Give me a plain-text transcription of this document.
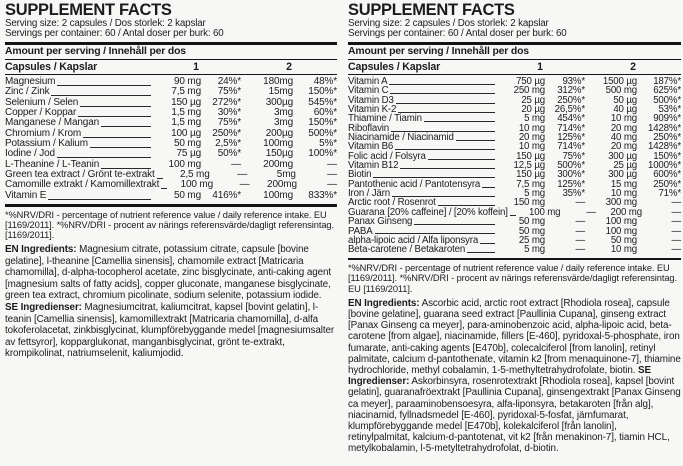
SUPPLEMENT FACTS
Serving size: 2 capsules / Dos storlek: 2 kapslar
Servings per container: 60 / Antal doser per burk: 60
Amount per serving / Innehåll per dos
Capsules / Kapslar	1	2
Magnesium	90 mg	24%*	180mg	48%*
Zinc / Zink	7,5 mg	75%*	15mg	150%*
Selenium / Selen	150 µg	272%*	300µg	545%*
Copper / Koppar	1,5 mg	30%*	3mg	60%*
Manganese / Mangan	1,5 mg	75%*	3mg	150%*
Chromium / Krom	100 µg	250%*	200µg	500%*
Potassium / Kalium	50 mg	2,5%*	100mg	5%*
Iodine / Jod	75 µg	50%*	150µg	100%*
L-Theanine / L-Teanin	100 mg	—	200mg	—
Green tea extract / Grönt te-extrakt	2,5 mg	—	5mg	—
Camomille extrakt / Kamomillextrakt	100 mg	—	200mg	—
Vitamin E	50 mg	416%*	100mg	833%*
*%NRV/DRI - percentage of nutrient reference value / daily reference intake. EU [1169/2011]. *%NRV/DRI - procent av närings referensvärde/dagligt referensintag. [1169/2011].

EN Ingredients: Magnesium citrate, potassium citrate, capsule [bovine gelatine], l-theanine [Camellia sinensis], chamomile extract [Matricaria chamomilla], d-alpha-tocopherol acetate, zinc bisglycinate, anti-caking agent [magnesium salts of fatty acids], copper gluconate, manganese bisglycinate, green tea extract, chromium picolinate, sodium selenite, potassium iodide.

SE Ingredienser: Magnesiumcitrat, kaliumcitrat, kapsel [bovint gelatin], l-teanin [Camellia sinensis], kamomillextrakt [Matricaria chamomilla], d-alfa tokoferolacetat, zinkbisglycinat, klumpförebyggande medel [magnesiumsalter av fettsyror], kopparglukonat, manganbisglycinat, grönt te-extrakt, krompikolinat, natriumselenit, kaliumjodid.

SUPPLEMENT FACTS
Serving size: 2 capsules / Dos storlek: 2 kapslar
Servings per container: 60 / Antal doser per burk: 60
Amount per serving / Innehåll per dos
Capsules / Kapslar	1	2
Vitamin A	750 µg	93%*	1500 µg	187%*
Vitamin C	250 mg	312%*	500 mg	625%*
Vitamin D3	25 µg	250%*	50 µg	500%*
Vitamin K-2	20 µg 26,5%*	40 µg	53%*
Thiamine / Tiamin	5 mg	454%*	10 mg	909%*
Riboflavin	10 mg	714%*	20 mg	1428%*
Niacinamide / Niacinamid	20 mg	125%*	40 mg	250%*
Vitamin B6	10 mg	714%*	20 mg	1428%*
Folic acid / Folsyra	150 µg	75%*	300 µg	150%*
Vitamin B12	12,5 µg	500%*	25 µg	1000%*
Biotin	150 µg	300%*	300 µg	600%*
Pantothenic acid / Pantotensyra	7,5 mg	125%*	15 mg	250%*
Iron / Järn	5 mg	35%*	10 mg	71%*
Arctic root / Rosenrot	150 mg	—	300 mg	—
Guarana [20% caffeine] / [20% koffein]	100 mg	—	200 mg	—
Panax Ginseng	50 mg	—	100 mg	—
PABA	50 mg	—	100 mg	—
alpha-lipoic acid / Alfa liponsyra	25 mg	—	50 mg	—
Beta-carotene / Betakaroten	5 mg	—	10 mg	—
*%NRV/DRI - percentage of nutrient reference value / daily reference intake. EU [1169/2011]. *%NRV/DRI - procent av närings referensvärde/dagligt referensintag. EU [1169/2011].

EN Ingredients: Ascorbic acid, arctic root extract [Rhodiola rosea], capsule [bovine gelatine], guarana seed extract [Paullinia Cupana], ginseng extract [Panax Ginseng ca meyer], para-aminobenzoic acid, alpha-lipoic acid, beta-carotene [from algae], niacinamide, fillers [E-460], pyridoxal-5-phosphate, iron fumarate, anti-caking agents [E470b], colecalciferol [from lanolin], retinyl palmitate, calcium d-pantothenate, vitamin k2 [from menaquinone-7], thiamine hydrochloride, methyl cobalamin, 1-5-methyltetrahydrofolate, biotin. SE Ingredienser: Askorbinsyra, rosenrotextrakt [Rhodiola rosea], kapsel [bovint gelatin], guaranafröextrakt [Paullinia Cupana], ginsengextrakt [Panax Ginseng ca meyer], paraaminobensoesyra, alfa-liponsyra, betakaroten [från alg], niacinamid, fyllnadsmedel [E-460], pyridoxal-5-fosfat, järnfumarat, klumpförebyggande medel [E470b], kolekalciferol [från lanolin], retinylpalmitat, kalcium-d-pantotenat, vit k2 [från menakinon-7], tiamin HCL, metylkobalamin, l-5-metyltetrahydrofolat, d-biotin.
